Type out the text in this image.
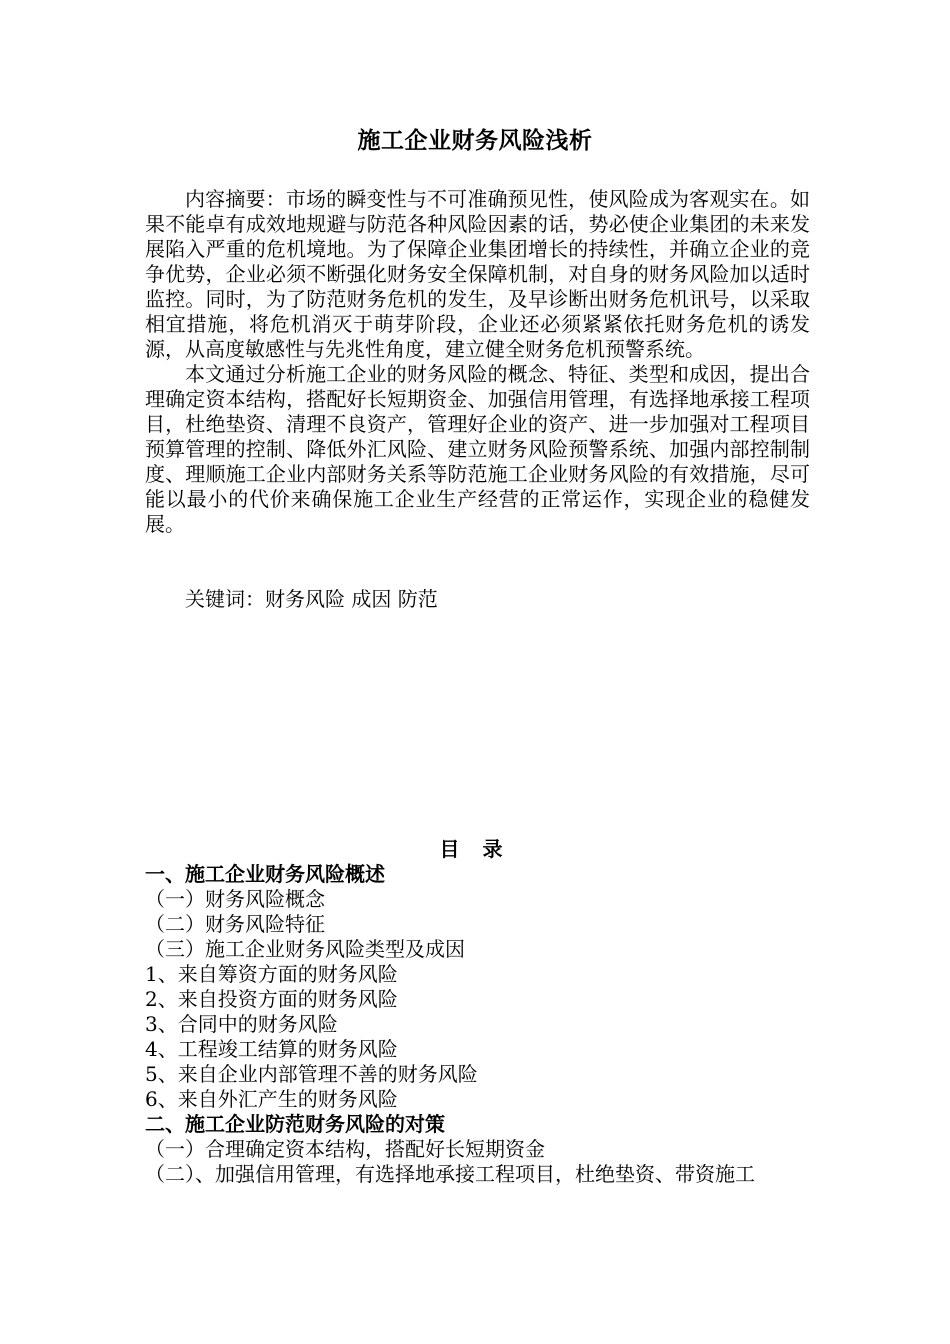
施工企业财务风险浅析

内容摘要：市场的瞬变性与不可准确预见性，使风险成为客观实在。如果不能卓有成效地规避与防范各种风险因素的话，势必使企业集团的未来发展陷入严重的危机境地。为了保障企业集团增长的持续性，并确立企业的竞争优势，企业必须不断强化财务安全保障机制，对自身的财务风险加以适时监控。同时，为了防范财务危机的发生，及早诊断出财务危机讯号，以采取相宜措施，将危机消灭于萌芽阶段，企业还必须紧紧依托财务危机的诱发源，从高度敏感性与先兆性角度，建立健全财务危机预警系统。

本文通过分析施工企业的财务风险的概念、特征、类型和成因，提出合理确定资本结构，搭配好长短期资金、加强信用管理，有选择地承接工程项目，杜绝垫资、清理不良资产，管理好企业的资产、进一步加强对工程项目预算管理的控制、降低外汇风险、建立财务风险预警系统、加强内部控制制度、理顺施工企业内部财务关系等防范施工企业财务风险的有效措施，尽可能以最小的代价来确保施工企业生产经营的正常运作，实现企业的稳健发展。

关键词：财务风险 成因 防范
目 录
一、施工企业财务风险概述
（一）财务风险概念
（二）财务风险特征
（三）施工企业财务风险类型及成因
1、来自筹资方面的财务风险
2、来自投资方面的财务风险
3、合同中的财务风险
4、工程竣工结算的财务风险
5、来自企业内部管理不善的财务风险
6、来自外汇产生的财务风险
二、施工企业防范财务风险的对策
（一）合理确定资本结构，搭配好长短期资金
（二）、加强信用管理，有选择地承接工程项目，杜绝垫资、带资施工
